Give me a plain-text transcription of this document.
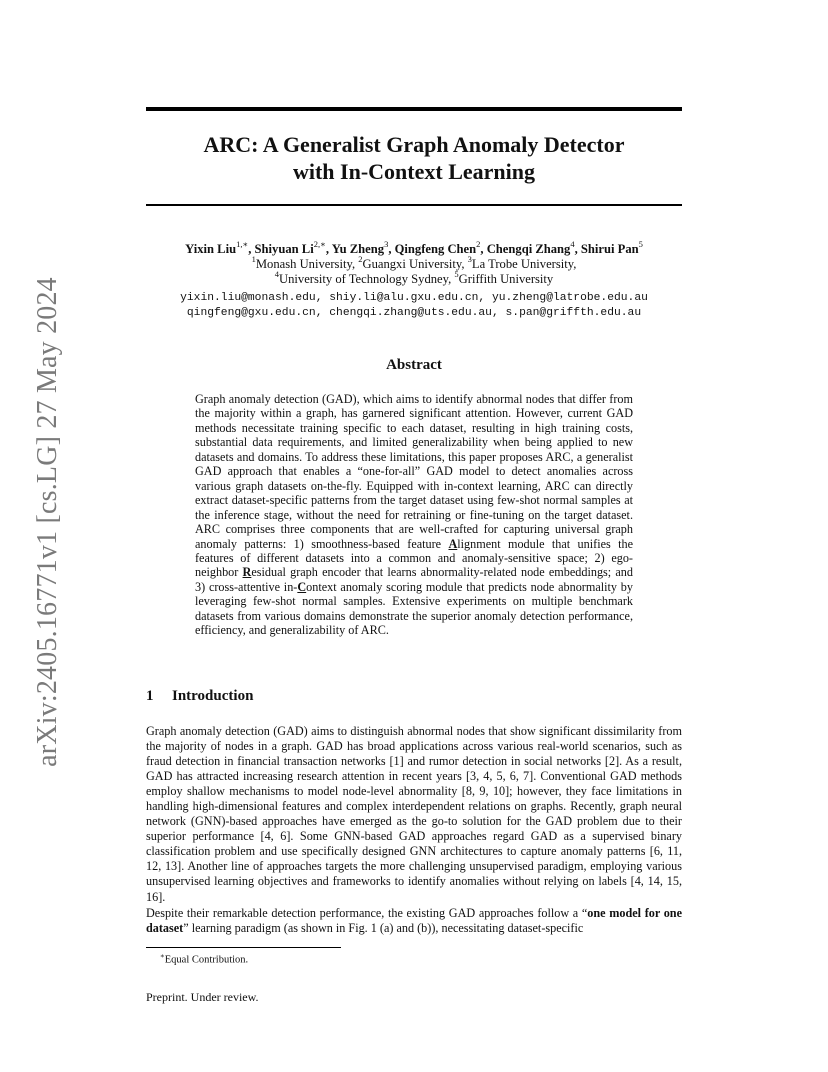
arXiv:2405.16771v1 [cs.LG] 27 May 2024
ARC: A Generalist Graph Anomaly Detector
with In-Context Learning
Yixin Liu$^{1,∗}$, Shiyuan $Li^{2,∗}$, Yu Zheng$^3$, Qingfeng Chen$^2$, Chengqi Zhang$^4$, Shirui Pan$^5$
$^1$Monash University, $^2$Guangxi University, $^3$La Trobe University,
$^4$University of Technology Sydney, $^5$Griffith University
yixin.liu@monash.edu, shiy.li@alu.gxu.edu.cn, yu.zheng@latrobe.edu.au
qingfeng@gxu.edu.cn, chengqi.zhang@uts.edu.au, s.pan@griffth.edu.au
Abstract
Graph anomaly detection (GAD), which aims to identify abnormal nodes that differ from the majority within a graph, has garnered significant attention. However, current GAD methods necessitate training specific to each dataset, resulting in high training costs, substantial data requirements, and limited generalizability when being applied to new datasets and domains. To address these limitations, this paper proposes ARC, a generalist GAD approach that enables a “one-for-all” GAD model to detect anomalies across various graph datasets on-the-fly. Equipped with in-context learning, ARC can directly extract dataset-specific patterns from the target dataset using few-shot normal samples at the inference stage, without the need for retraining or fine-tuning on the target dataset. ARC comprises three components that are well-crafted for capturing universal graph anomaly patterns: 1) smoothness-based feature Alignment module that unifies the features of different datasets into a common and anomaly-sensitive space; 2) ego-neighbor Residual graph encoder that learns abnormality-related node embeddings; and 3) cross-attentive in-Context anomaly scoring module that predicts node abnormality by leveraging few-shot normal samples. Extensive experiments on multiple benchmark datasets from various domains demonstrate the superior anomaly detection performance, efficiency, and generalizability of ARC.
1 Introduction
Graph anomaly detection (GAD) aims to distinguish abnormal nodes that show significant dissimilarity from the majority of nodes in a graph. GAD has broad applications across various real-world scenarios, such as fraud detection in financial transaction networks [1] and rumor detection in social networks [2]. As a result, GAD has attracted increasing research attention in recent years [3, 4, 5, 6, 7]. Conventional GAD methods employ shallow mechanisms to model node-level abnormality [8, 9, 10]; however, they face limitations in handling high-dimensional features and complex interdependent relations on graphs. Recently, graph neural network (GNN)-based approaches have emerged as the go-to solution for the GAD problem due to their superior performance [4, 6]. Some GNN-based GAD approaches regard GAD as a supervised binary classification problem and use specifically designed GNN architectures to capture anomaly patterns [6, 11, 12, 13]. Another line of approaches targets the more challenging unsupervised paradigm, employing various unsupervised learning objectives and frameworks to identify anomalies without relying on labels [4, 14, 15, 16].
Despite their remarkable detection performance, the existing GAD approaches follow a “one model for one dataset” learning paradigm (as shown in Fig. 1 (a) and (b)), necessitating dataset-specific
∗Equal Contribution.
Preprint. Under review.
